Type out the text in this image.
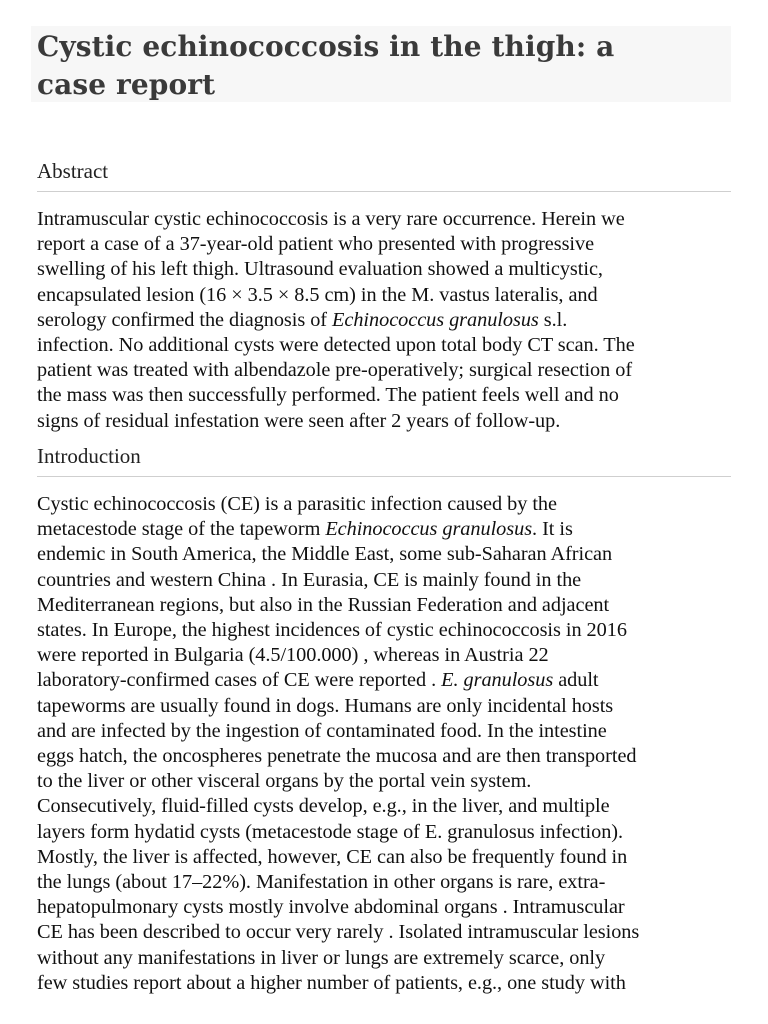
Cystic echinococcosis in the thigh: a
case report
Abstract
Intramuscular cystic echinococcosis is a very rare occurrence. Herein we
report a case of a 37-year-old patient who presented with progressive
swelling of his left thigh. Ultrasound evaluation showed a multicystic,
encapsulated lesion (16 × 3.5 × 8.5 cm) in the M. vastus lateralis, and
serology confirmed the diagnosis of Echinococcus granulosus s.l.
infection. No additional cysts were detected upon total body CT scan. The
patient was treated with albendazole pre-operatively; surgical resection of
the mass was then successfully performed. The patient feels well and no
signs of residual infestation were seen after 2 years of follow-up.
Introduction
Cystic echinococcosis (CE) is a parasitic infection caused by the
metacestode stage of the tapeworm Echinococcus granulosus. It is
endemic in South America, the Middle East, some sub-Saharan African
countries and western China . In Eurasia, CE is mainly found in the
Mediterranean regions, but also in the Russian Federation and adjacent
states. In Europe, the highest incidences of cystic echinococcosis in 2016
were reported in Bulgaria (4.5/100.000) , whereas in Austria 22
laboratory-confirmed cases of CE were reported . E. granulosus adult
tapeworms are usually found in dogs. Humans are only incidental hosts
and are infected by the ingestion of contaminated food. In the intestine
eggs hatch, the oncospheres penetrate the mucosa and are then transported
to the liver or other visceral organs by the portal vein system.
Consecutively, fluid-filled cysts develop, e.g., in the liver, and multiple
layers form hydatid cysts (metacestode stage of E. granulosus infection).
Mostly, the liver is affected, however, CE can also be frequently found in
the lungs (about 17–22%). Manifestation in other organs is rare, extra-
hepatopulmonary cysts mostly involve abdominal organs . Intramuscular
CE has been described to occur very rarely . Isolated intramuscular lesions
without any manifestations in liver or lungs are extremely scarce, only
few studies report about a higher number of patients, e.g., one study with
